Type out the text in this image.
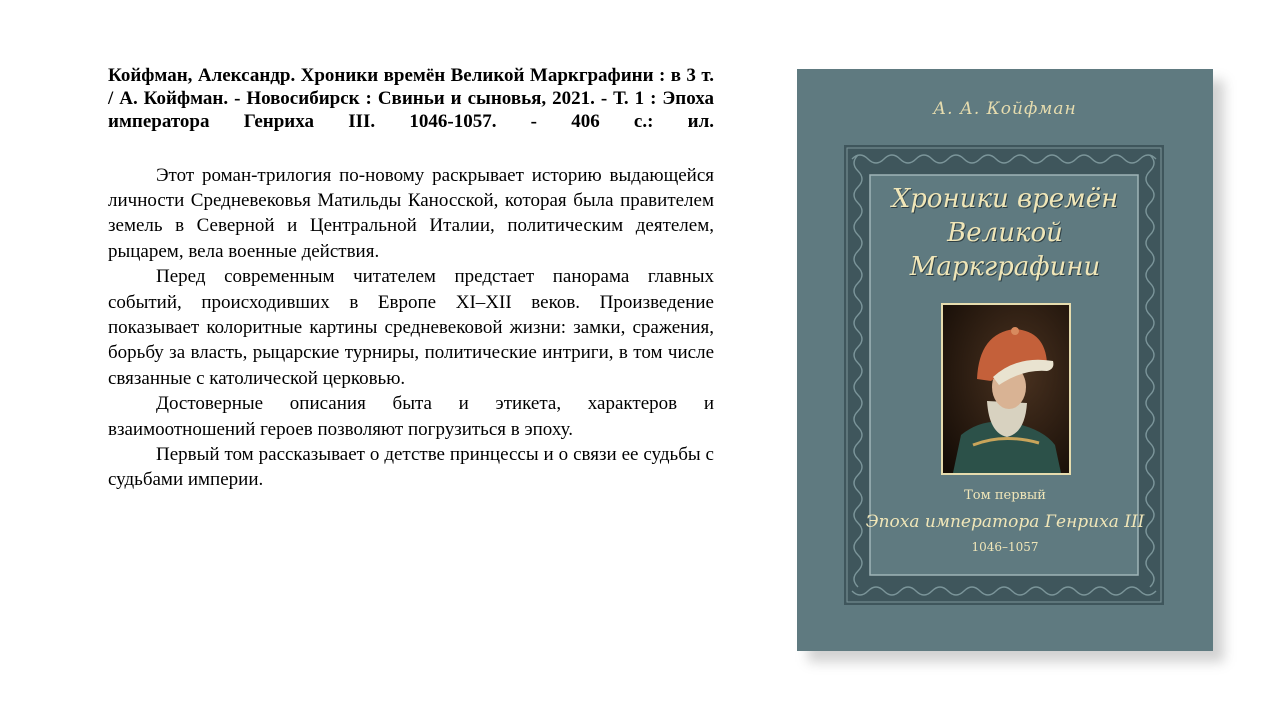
Койфман, Александр. Хроники времён Великой Маркграфини : в 3 т. / А. Койфман. - Новосибирск : Свиньи и сыновья, 2021. - Т. 1 : Эпоха императора Генриха III. 1046-1057. - 406 с.: ил.

Этот роман-трилогия по-новому раскрывает историю выдающейся личности Средневековья Матильды Каносской, которая была правителем земель в Северной и Центральной Италии, политическим деятелем, рыцарем, вела военные действия.

Перед современным читателем предстает панорама главных событий, происходивших в Европе XI–XII веков. Произведение показывает колоритные картины средневековой жизни: замки, сражения, борьбу за власть, рыцарские турниры, политические интриги, в том числе связанные с католической церковью.

Достоверные описания быта и этикета, характеров и взаимоотношений героев позволяют погрузиться в эпоху.

Первый том рассказывает о детстве принцессы и о связи ее судьбы с судьбами империи.

А. А. Койфман
Хроники времён
Великой
Маркграфини
Том первый
Эпоха императора Генриха III
1046–1057
